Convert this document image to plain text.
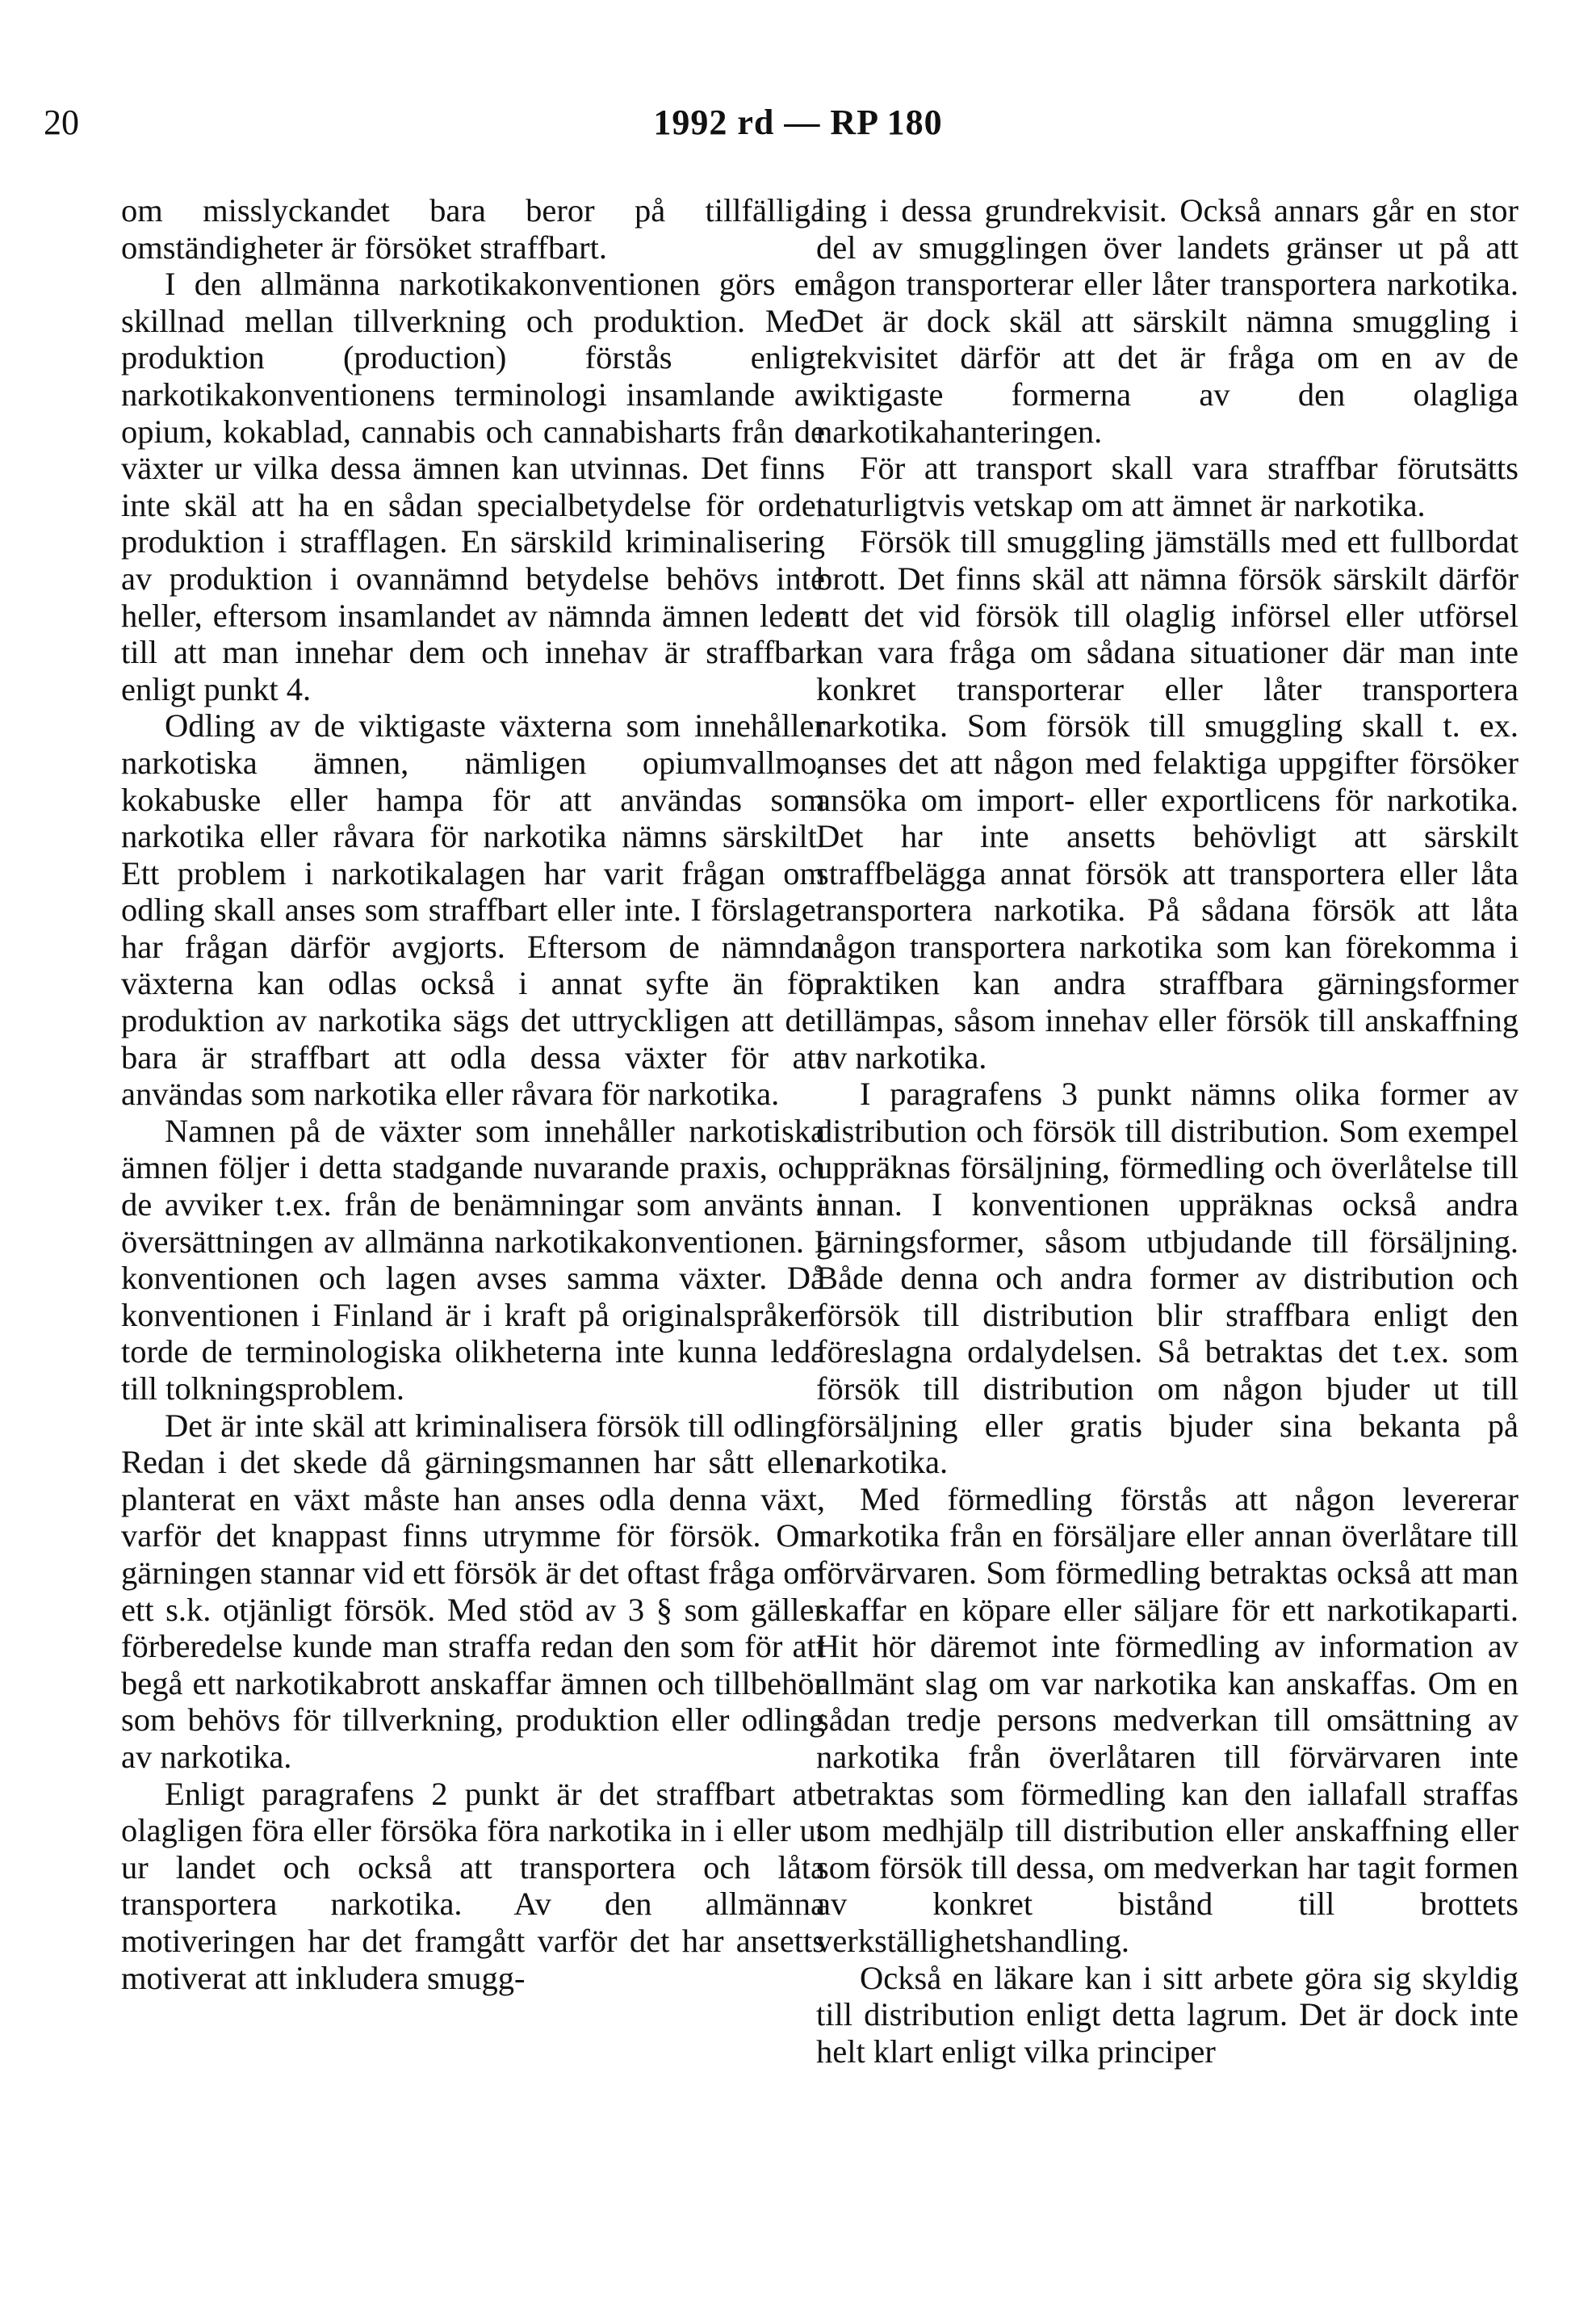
20	1992 rd — RP 180

om misslyckandet bara beror på tillfälliga omständigheter är försöket straffbart.

I den allmänna narkotikakonventionen görs en skillnad mellan tillverkning och produktion. Med produktion (production) förstås enligt narkotikakonventionens terminologi insamlande av opium, kokablad, cannabis och cannabisharts från de växter ur vilka dessa ämnen kan utvinnas. Det finns inte skäl att ha en sådan specialbetydelse för ordet produktion i strafflagen. En särskild kriminalisering av produktion i ovannämnd betydelse behövs inte heller, eftersom insamlandet av nämnda ämnen leder till att man innehar dem och innehav är straffbart enligt punkt 4.

Odling av de viktigaste växterna som innehåller narkotiska ämnen, nämligen opiumvallmo, kokabuske eller hampa för att användas som narkotika eller råvara för narkotika nämns särskilt. Ett problem i narkotikalagen har varit frågan om odling skall anses som straffbart eller inte. I förslaget har frågan därför avgjorts. Eftersom de nämnda växterna kan odlas också i annat syfte än för produktion av narkotika sägs det uttryckligen att det bara är straffbart att odla dessa växter för att användas som narkotika eller råvara för narkotika.

Namnen på de växter som innehåller narkotiska ämnen följer i detta stadgande nuvarande praxis, och de avviker t.ex. från de benämningar som använts i översättningen av allmänna narkotikakonventionen. I konventionen och lagen avses samma växter. Då konventionen i Finland är i kraft på originalspråken torde de terminologiska olikheterna inte kunna leda till tolkningsproblem.

Det är inte skäl att kriminalisera försök till odling. Redan i det skede då gärningsmannen har sått eller planterat en växt måste han anses odla denna växt, varför det knappast finns utrymme för försök. Om gärningen stannar vid ett försök är det oftast fråga om ett s.k. otjänligt försök. Med stöd av 3 § som gäller förberedelse kunde man straffa redan den som för att begå ett narkotikabrott anskaffar ämnen och tillbehör som behövs för tillverkning, produktion eller odling av narkotika.

Enligt paragrafens 2 punkt är det straffbart att olagligen föra eller försöka föra narkotika in i eller ut ur landet och också att transportera och låta transportera narkotika. Av den allmänna motiveringen har det framgått varför det har ansetts motiverat att inkludera smugg-

ling i dessa grundrekvisit. Också annars går en stor del av smugglingen över landets gränser ut på att någon transporterar eller låter transportera narkotika. Det är dock skäl att särskilt nämna smuggling i rekvisitet därför att det är fråga om en av de viktigaste formerna av den olagliga narkotikahanteringen.

För att transport skall vara straffbar förutsätts naturligtvis vetskap om att ämnet är narkotika.

Försök till smuggling jämställs med ett fullbordat brott. Det finns skäl att nämna försök särskilt därför att det vid försök till olaglig införsel eller utförsel kan vara fråga om sådana situationer där man inte konkret transporterar eller låter transportera narkotika. Som försök till smuggling skall t. ex. anses det att någon med felaktiga uppgifter försöker ansöka om import- eller exportlicens för narkotika. Det har inte ansetts behövligt att särskilt straffbelägga annat försök att transportera eller låta transportera narkotika. På sådana försök att låta någon transportera narkotika som kan förekomma i praktiken kan andra straffbara gärningsformer tillämpas, såsom innehav eller försök till anskaffning av narkotika.

I paragrafens 3 punkt nämns olika former av distribution och försök till distribution. Som exempel uppräknas försäljning, förmedling och överlåtelse till annan. I konventionen uppräknas också andra gärningsformer, såsom utbjudande till försäljning. Både denna och andra former av distribution och försök till distribution blir straffbara enligt den föreslagna ordalydelsen. Så betraktas det t.ex. som försök till distribution om någon bjuder ut till försäljning eller gratis bjuder sina bekanta på narkotika.

Med förmedling förstås att någon levererar narkotika från en försäljare eller annan överlåtare till förvärvaren. Som förmedling betraktas också att man skaffar en köpare eller säljare för ett narkotikaparti. Hit hör däremot inte förmedling av information av allmänt slag om var narkotika kan anskaffas. Om en sådan tredje persons medverkan till omsättning av narkotika från överlåtaren till förvärvaren inte betraktas som förmedling kan den iallafall straffas som medhjälp till distribution eller anskaffning eller som försök till dessa, om medverkan har tagit formen av konkret bistånd till brottets verkställighetshandling.

Också en läkare kan i sitt arbete göra sig skyldig till distribution enligt detta lagrum. Det är dock inte helt klart enligt vilka principer
